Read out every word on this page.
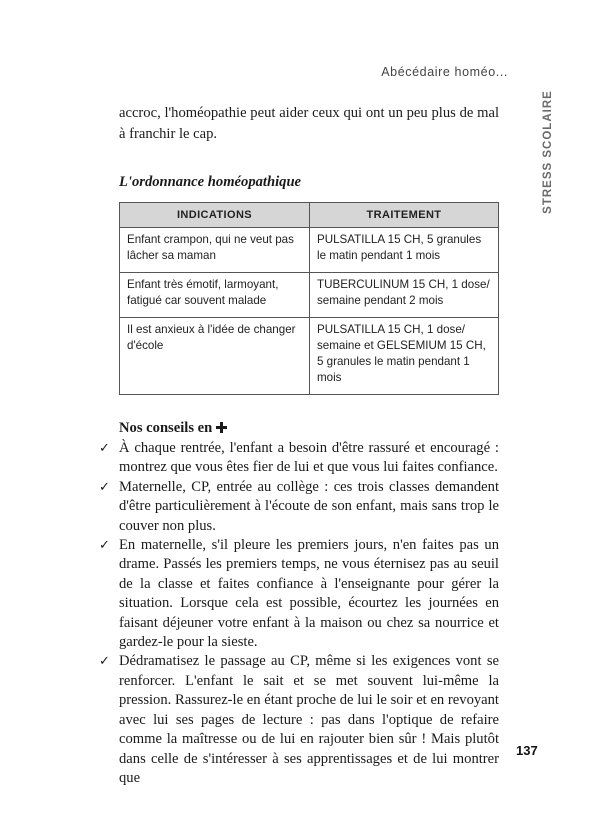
Abécédaire homéo...
STRESS SCOLAIRE

accroc, l'homéopathie peut aider ceux qui ont un peu plus de mal à franchir le cap.

L'ordonnance homéopathique

INDICATIONS	TRAITEMENT
Enfant crampon, qui ne veut pas lâcher sa maman	PULSATILLA 15 CH, 5 granules le matin pendant 1 mois
Enfant très émotif, larmoyant, fatigué car souvent malade	TUBERCULINUM 15 CH, 1 dose/ semaine pendant 2 mois
Il est anxieux à l'idée de changer d'école	PULSATILLA 15 CH, 1 dose/ semaine et GELSEMIUM 15 CH, 5 granules le matin pendant 1 mois

Nos conseils en

✓ À chaque rentrée, l'enfant a besoin d'être rassuré et encouragé : montrez que vous êtes fier de lui et que vous lui faites confiance.
✓ Maternelle, CP, entrée au collège : ces trois classes demandent d'être particulièrement à l'écoute de son enfant, mais sans trop le couver non plus.
✓ En maternelle, s'il pleure les premiers jours, n'en faites pas un drame. Passés les premiers temps, ne vous éternisez pas au seuil de la classe et faites confiance à l'enseignante pour gérer la situation. Lorsque cela est possible, écourtez les journées en faisant déjeuner votre enfant à la maison ou chez sa nourrice et gardez-le pour la sieste.
✓ Dédramatisez le passage au CP, même si les exigences vont se renforcer. L'enfant le sait et se met souvent lui-même la pression. Rassurez-le en étant proche de lui le soir et en revoyant avec lui ses pages de lecture : pas dans l'optique de refaire comme la maîtresse ou de lui en rajouter bien sûr ! Mais plutôt dans celle de s'intéresser à ses apprentissages et de lui montrer que
137
